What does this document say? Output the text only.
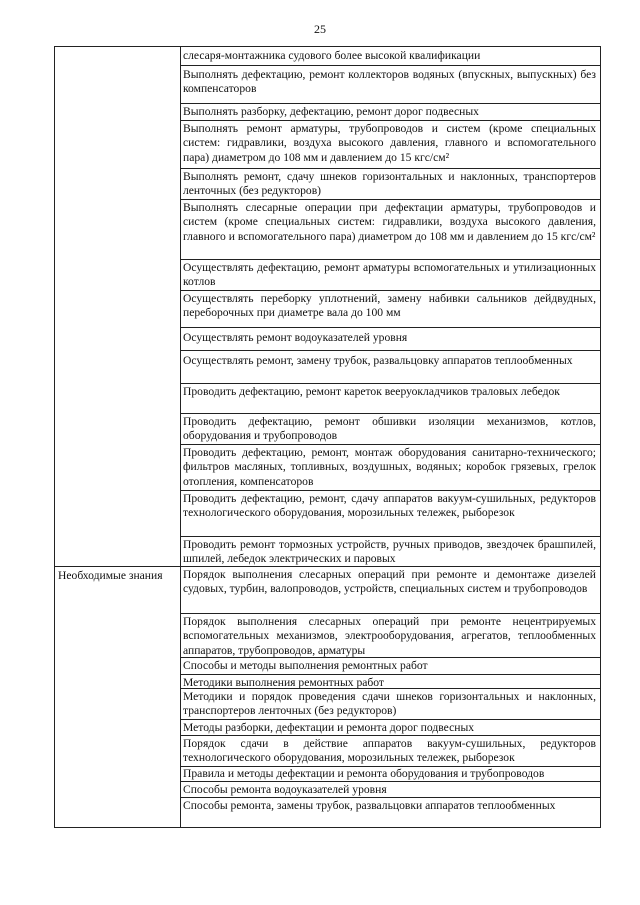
25
слесаря-монтажника судового более высокой квалификации
Выполнять дефектацию, ремонт коллекторов водяных (впускных, выпускных) без компенсаторов
Выполнять разборку, дефектацию, ремонт дорог подвесных
Выполнять ремонт арматуры, трубопроводов и систем (кроме специальных систем: гидравлики, воздуха высокого давления, главного и вспомогательного пара) диаметром до 108 мм и давлением до 15 кгс/см²
Выполнять ремонт, сдачу шнеков горизонтальных и наклонных, транспортеров ленточных (без редукторов)
Выполнять слесарные операции при дефектации арматуры, трубопроводов и систем (кроме специальных систем: гидравлики, воздуха высокого давления, главного и вспомогательного пара) диаметром до 108 мм и давлением до 15 кгс/см²
Осуществлять дефектацию, ремонт арматуры вспомогательных и утилизационных котлов
Осуществлять переборку уплотнений, замену набивки сальников дейдвудных, переборочных при диаметре вала до 100 мм
Осуществлять ремонт водоуказателей уровня
Осуществлять ремонт, замену трубок, развальцовку аппаратов теплообменных
Проводить дефектацию, ремонт кареток вееруокладчиков траловых лебедок
Проводить дефектацию, ремонт обшивки изоляции механизмов, котлов, оборудования и трубопроводов
Проводить дефектацию, ремонт, монтаж оборудования санитарно-технического; фильтров масляных, топливных, воздушных, водяных; коробок грязевых, грелок отопления, компенсаторов
Проводить дефектацию, ремонт, сдачу аппаратов вакуум-сушильных, редукторов технологического оборудования, морозильных тележек, рыборезок
Проводить ремонт тормозных устройств, ручных приводов, звездочек брашпилей, шпилей, лебедок электрических и паровых
Необходимые знания	Порядок выполнения слесарных операций при ремонте и демонтаже дизелей судовых, турбин, валопроводов, устройств, специальных систем и трубопроводов
Порядок выполнения слесарных операций при ремонте нецентрируемых вспомогательных механизмов, электрооборудования, агрегатов, теплообменных аппаратов, трубопроводов, арматуры
Способы и методы выполнения ремонтных работ
Методики выполнения ремонтных работ
Методики и порядок проведения сдачи шнеков горизонтальных и наклонных, транспортеров ленточных (без редукторов)
Методы разборки, дефектации и ремонта дорог подвесных
Порядок сдачи в действие аппаратов вакуум-сушильных, редукторов технологического оборудования, морозильных тележек, рыборезок
Правила и методы дефектации и ремонта оборудования и трубопроводов
Способы ремонта водоуказателей уровня
Способы ремонта, замены трубок, развальцовки аппаратов теплообменных
